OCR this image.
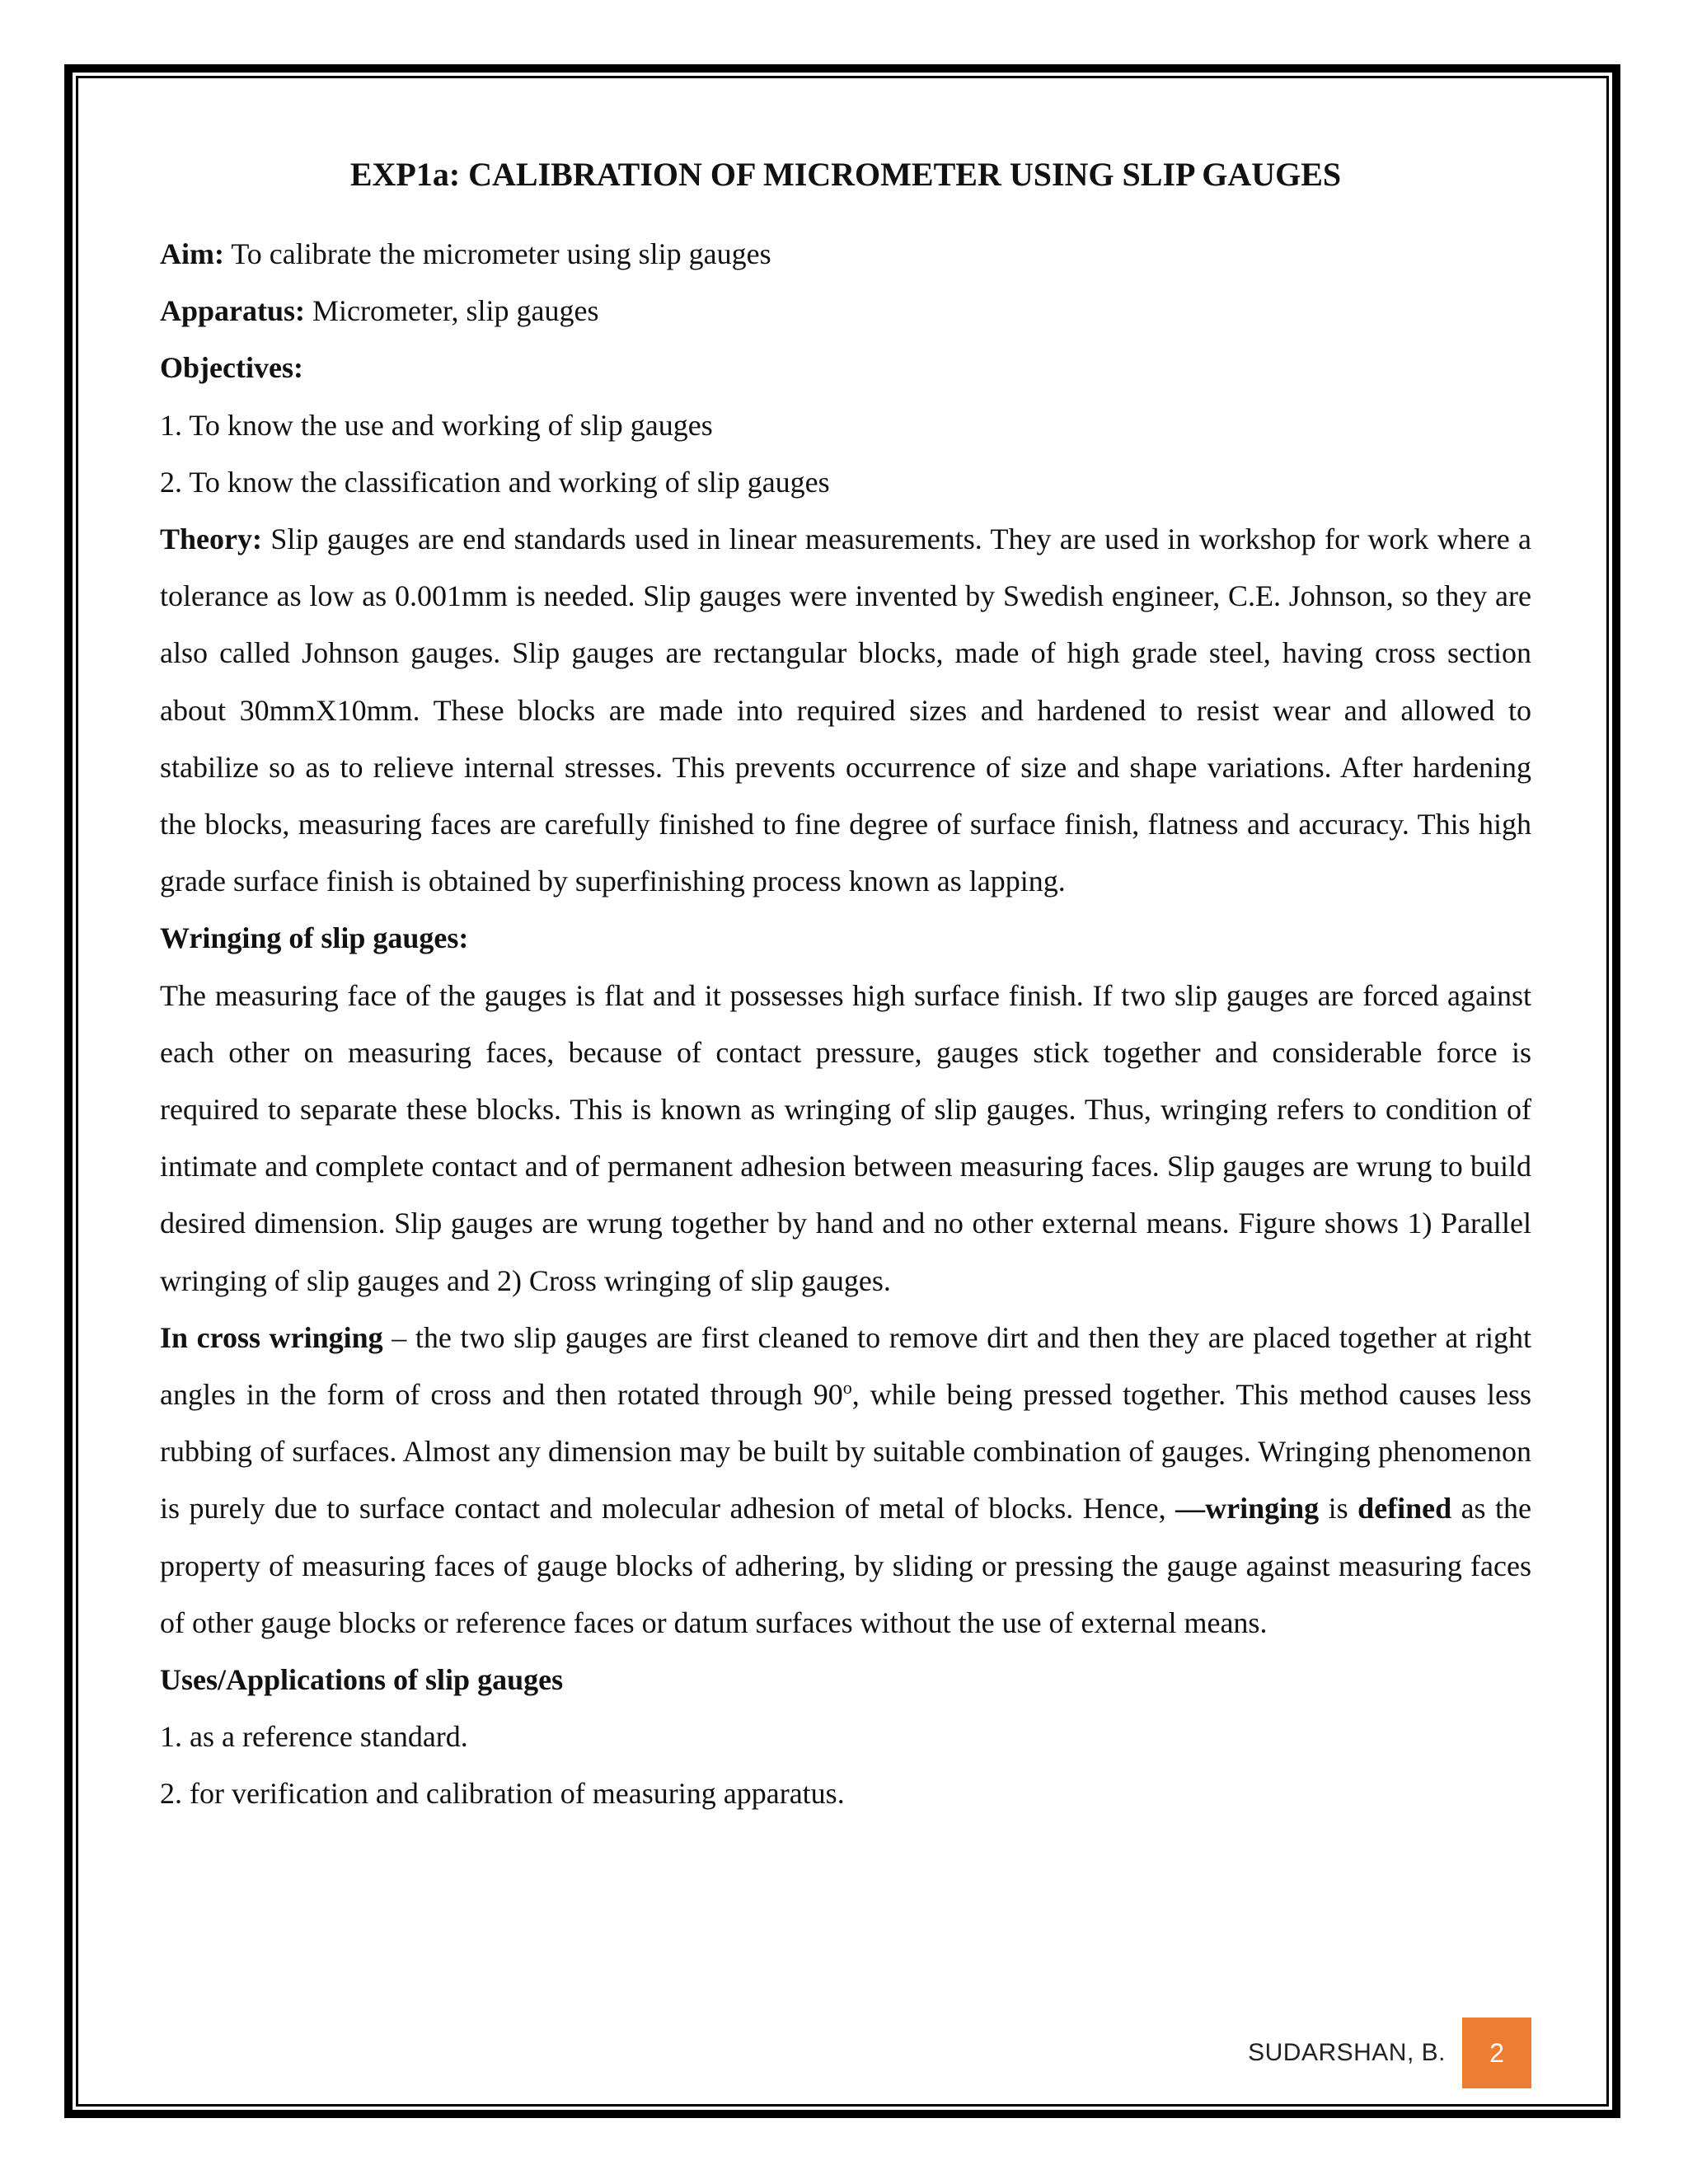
EXP1a: CALIBRATION OF MICROMETER USING SLIP GAUGES

Aim: To calibrate the micrometer using slip gauges

Apparatus: Micrometer, slip gauges

Objectives:

1. To know the use and working of slip gauges

2. To know the classification and working of slip gauges

Theory: Slip gauges are end standards used in linear measurements. They are used in workshop for work where a tolerance as low as 0.001mm is needed. Slip gauges were invented by Swedish engineer, C.E. Johnson, so they are also called Johnson gauges. Slip gauges are rectangular blocks, made of high grade steel, having cross section about 30mmX10mm. These blocks are made into required sizes and hardened to resist wear and allowed to stabilize so as to relieve internal stresses. This prevents occurrence of size and shape variations. After hardening the blocks, measuring faces are carefully finished to fine degree of surface finish, flatness and accuracy. This high grade surface finish is obtained by superfinishing process known as lapping.

Wringing of slip gauges:

The measuring face of the gauges is flat and it possesses high surface finish. If two slip gauges are forced against each other on measuring faces, because of contact pressure, gauges stick together and considerable force is required to separate these blocks. This is known as wringing of slip gauges. Thus, wringing refers to condition of intimate and complete contact and of permanent adhesion between measuring faces. Slip gauges are wrung to build desired dimension. Slip gauges are wrung together by hand and no other external means. Figure shows 1) Parallel wringing of slip gauges and 2) Cross wringing of slip gauges.

In cross wringing – the two slip gauges are first cleaned to remove dirt and then they are placed together at right angles in the form of cross and then rotated through 90$^o$, while being pressed together. This method causes less rubbing of surfaces. Almost any dimension may be built by suitable combination of gauges. Wringing phenomenon is purely due to surface contact and molecular adhesion of metal of blocks. Hence, ―wringing is defined as the property of measuring faces of gauge blocks of adhering, by sliding or pressing the gauge against measuring faces of other gauge blocks or reference faces or datum surfaces without the use of external means.

Uses/Applications of slip gauges

1. as a reference standard.

2. for verification and calibration of measuring apparatus.

SUDARSHAN, B.	2
